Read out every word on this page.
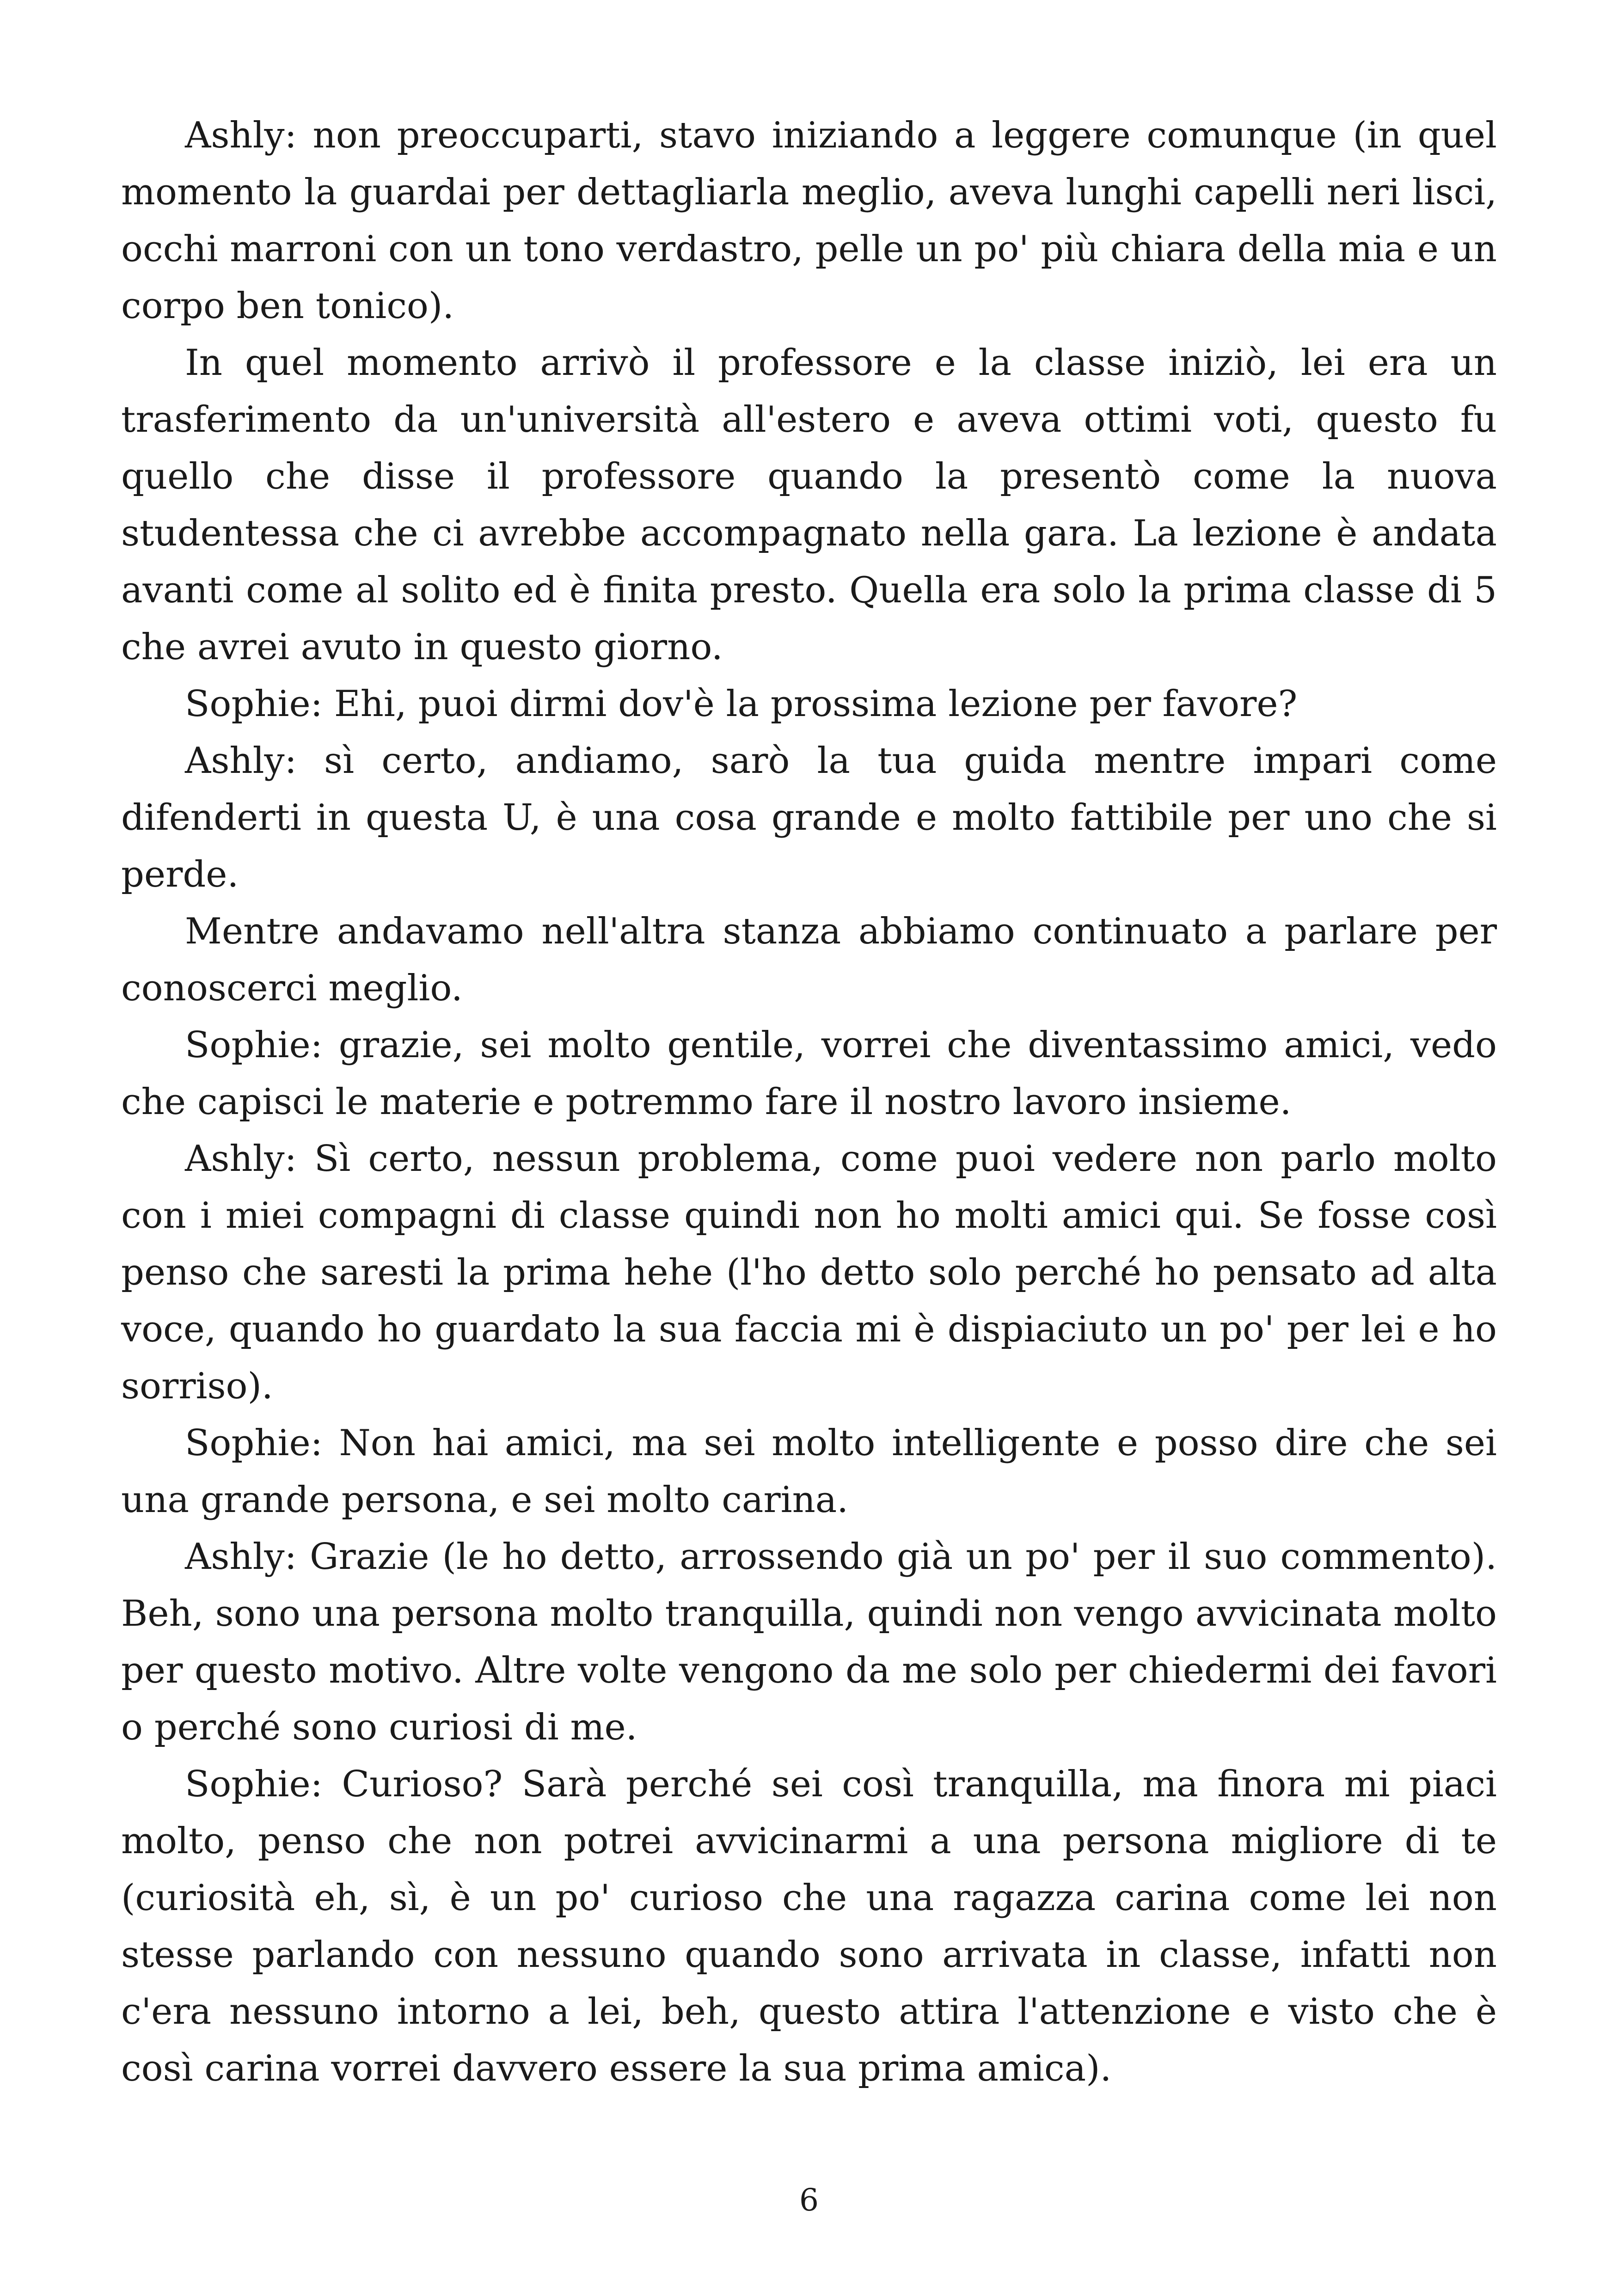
Ashly: non preoccuparti, stavo iniziando a leggere comunque (in quel momento la guardai per dettagliarla meglio, aveva lunghi capelli neri lisci, occhi marroni con un tono verdastro, pelle un po' più chiara della mia e un corpo ben tonico).

In quel momento arrivò il professore e la classe iniziò, lei era un trasferimento da un'università all'estero e aveva ottimi voti, questo fu quello che disse il professore quando la presentò come la nuova studentessa che ci avrebbe accompagnato nella gara. La lezione è andata avanti come al solito ed è finita presto. Quella era solo la prima classe di 5 che avrei avuto in questo giorno.

Sophie: Ehi, puoi dirmi dov'è la prossima lezione per favore?

Ashly: sì certo, andiamo, sarò la tua guida mentre impari come difenderti in questa U, è una cosa grande e molto fattibile per uno che si perde.

Mentre andavamo nell'altra stanza abbiamo continuato a parlare per conoscerci meglio.

Sophie: grazie, sei molto gentile, vorrei che diventassimo amici, vedo che capisci le materie e potremmo fare il nostro lavoro insieme.

Ashly: Sì certo, nessun problema, come puoi vedere non parlo molto con i miei compagni di classe quindi non ho molti amici qui. Se fosse così penso che saresti la prima hehe (l'ho detto solo perché ho pensato ad alta voce, quando ho guardato la sua faccia mi è dispiaciuto un po' per lei e ho sorriso).

Sophie: Non hai amici, ma sei molto intelligente e posso dire che sei una grande persona, e sei molto carina.

Ashly: Grazie (le ho detto, arrossendo già un po' per il suo commento). Beh, sono una persona molto tranquilla, quindi non vengo avvicinata molto per questo motivo. Altre volte vengono da me solo per chiedermi dei favori o perché sono curiosi di me.

Sophie: Curioso? Sarà perché sei così tranquilla, ma finora mi piaci molto, penso che non potrei avvicinarmi a una persona migliore di te (curiosità eh, sì, è un po' curioso che una ragazza carina come lei non stesse parlando con nessuno quando sono arrivata in classe, infatti non c'era nessuno intorno a lei, beh, questo attira l'attenzione e visto che è così carina vorrei davvero essere la sua prima amica).

6
